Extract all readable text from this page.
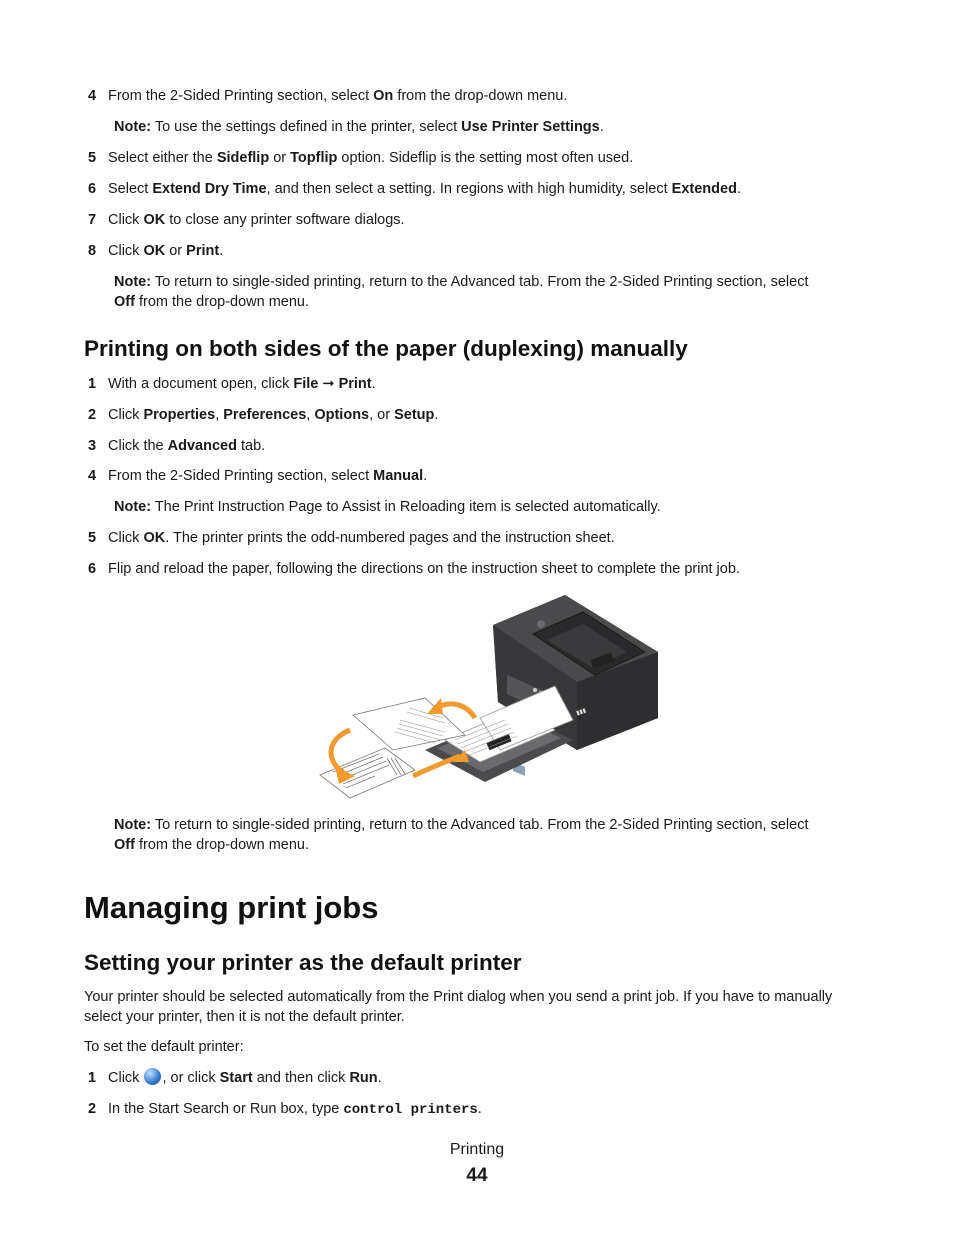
4 From the 2-Sided Printing section, select On from the drop-down menu.
Note: To use the settings defined in the printer, select Use Printer Settings.
5 Select either the Sideflip or Topflip option. Sideflip is the setting most often used.
6 Select Extend Dry Time, and then select a setting. In regions with high humidity, select Extended.
7 Click OK to close any printer software dialogs.
8 Click OK or Print.
Note: To return to single-sided printing, return to the Advanced tab. From the 2-Sided Printing section, select
Off from the drop-down menu.
Printing on both sides of the paper (duplexing) manually
1 With a document open, click File ➞ Print.
2 Click Properties, Preferences, Options, or Setup.
3 Click the Advanced tab.
4 From the 2-Sided Printing section, select Manual.
Note: The Print Instruction Page to Assist in Reloading item is selected automatically.
5 Click OK. The printer prints the odd-numbered pages and the instruction sheet.
6 Flip and reload the paper, following the directions on the instruction sheet to complete the print job.
▮▮▮
Note: To return to single-sided printing, return to the Advanced tab. From the 2-Sided Printing section, select
Off from the drop-down menu.
Managing print jobs
Setting your printer as the default printer
Your printer should be selected automatically from the Print dialog when you send a print job. If you have to manually select your printer, then it is not the default printer.
To set the default printer:
1 Click , or click Start and then click Run.
2 In the Start Search or Run box, type control printers.
Printing
44
